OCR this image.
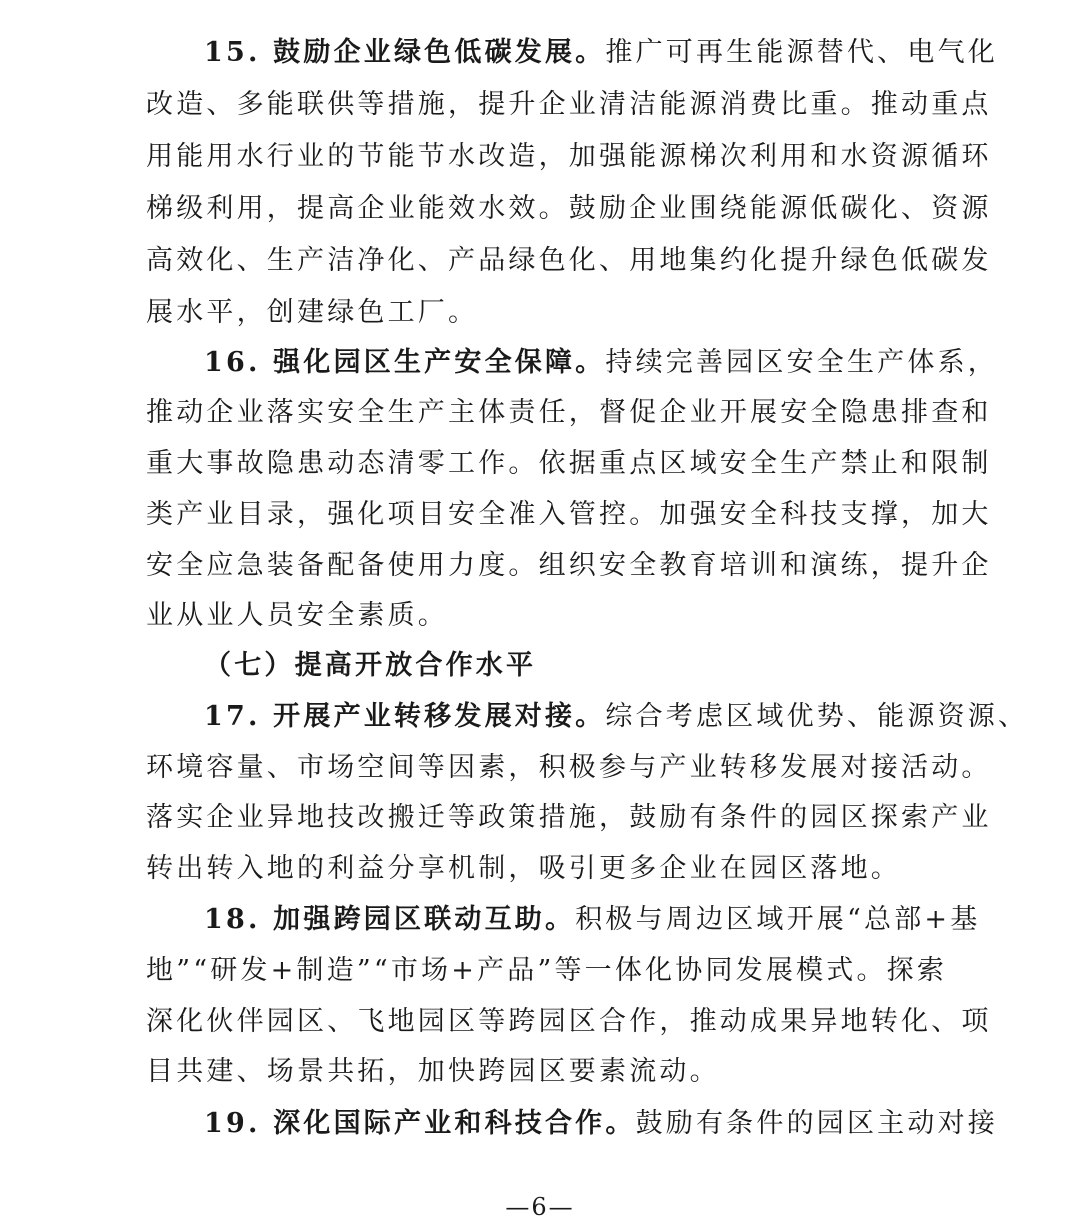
15. 鼓励企业绿色低碳发展。推广可再生能源替代、电气化
改造、多能联供等措施，提升企业清洁能源消费比重。推动重点
用能用水行业的节能节水改造，加强能源梯次利用和水资源循环
梯级利用，提高企业能效水效。鼓励企业围绕能源低碳化、资源
高效化、生产洁净化、产品绿色化、用地集约化提升绿色低碳发
展水平，创建绿色工厂。
16. 强化园区生产安全保障。持续完善园区安全生产体系，
推动企业落实安全生产主体责任，督促企业开展安全隐患排查和
重大事故隐患动态清零工作。依据重点区域安全生产禁止和限制
类产业目录，强化项目安全准入管控。加强安全科技支撑，加大
安全应急装备配备使用力度。组织安全教育培训和演练，提升企
业从业人员安全素质。
（七）提高开放合作水平
17. 开展产业转移发展对接。综合考虑区域优势、能源资源、
环境容量、市场空间等因素，积极参与产业转移发展对接活动。
落实企业异地技改搬迁等政策措施，鼓励有条件的园区探索产业
转出转入地的利益分享机制，吸引更多企业在园区落地。
18. 加强跨园区联动互助。积极与周边区域开展“总部+基
地”“研发+制造”“市场+产品”等一体化协同发展模式。探索
深化伙伴园区、飞地园区等跨园区合作，推动成果异地转化、项
目共建、场景共拓，加快跨园区要素流动。
19. 深化国际产业和科技合作。鼓励有条件的园区主动对接
—6—
